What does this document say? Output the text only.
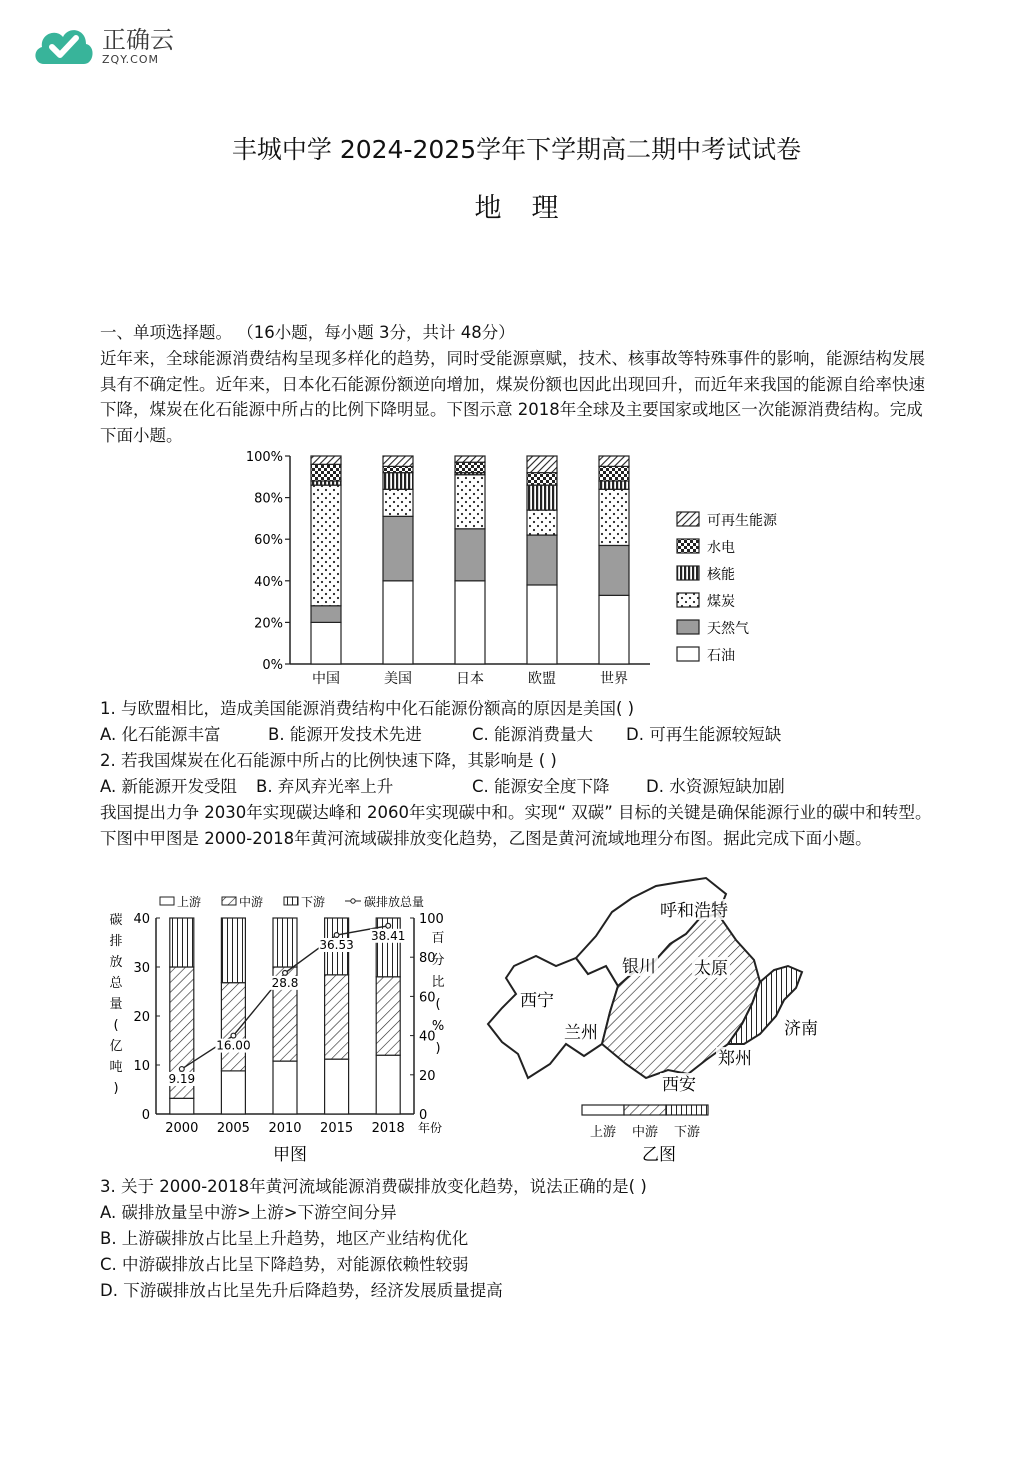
正确云
ZQY.COM
丰城中学 2024-2025学年下学期高二期中考试试卷
地理
一、单项选择题。 （16小题，每小题 3分，共计 48分）
近年来，全球能源消费结构呈现多样化的趋势，同时受能源禀赋，技术、核事故等特殊事件的影响，能源结构发展具有不确定性。近年来，日本化石能源份额逆向增加，煤炭份额也因此出现回升，而近年来我国的能源自给率快速下降，煤炭在化石能源中所占的比例下降明显。下图示意 2018年全球及主要国家或地区一次能源消费结构。完成下面小题。
0%
20%
40%
60%
80%
100%
中国	美国	日本	欧盟	世界
可再生能源
水电
核能
煤炭
天然气
石油
1. 与欧盟相比，造成美国能源消费结构中化石能源份额高的原因是美国( )
A. 化石能源丰富	B. 能源开发技术先进	C. 能源消费量大 D. 可再生能源较短缺
2. 若我国煤炭在化石能源中所占的比例快速下降，其影响是 ( )
A. 新能源开发受阻 B. 弃风弃光率上升	C. 能源安全度下降 D. 水资源短缺加剧
我国提出力争 2030年实现碳达峰和 2060年实现碳中和。实现“ 双碳” 目标的关键是确保能源行业的碳中和转型。下图中甲图是 2000-2018年黄河流域碳排放变化趋势，乙图是黄河流域地理分布图。据此完成下面小题。
上游	中游	下游	碳排放总量
0
10
20
30
40
0
20
40
60
80
100
碳
排
放
总
量
(
亿
吨
)
百
分
比
(
%
)
2000 2005 2010 2015 2018 年份
9.19
16.00
28.8
36.53
38.41
甲图
呼和浩特
银川 太原
西宁
兰州	济南
郑州
西安
上游 中游 下游
乙图
3. 关于 2000-2018年黄河流域能源消费碳排放变化趋势，说法正确的是( )
A. 碳排放量呈中游>上游>下游空间分异
B. 上游碳排放占比呈上升趋势，地区产业结构优化
C. 中游碳排放占比呈下降趋势，对能源依赖性较弱
D. 下游碳排放占比呈先升后降趋势，经济发展质量提高
